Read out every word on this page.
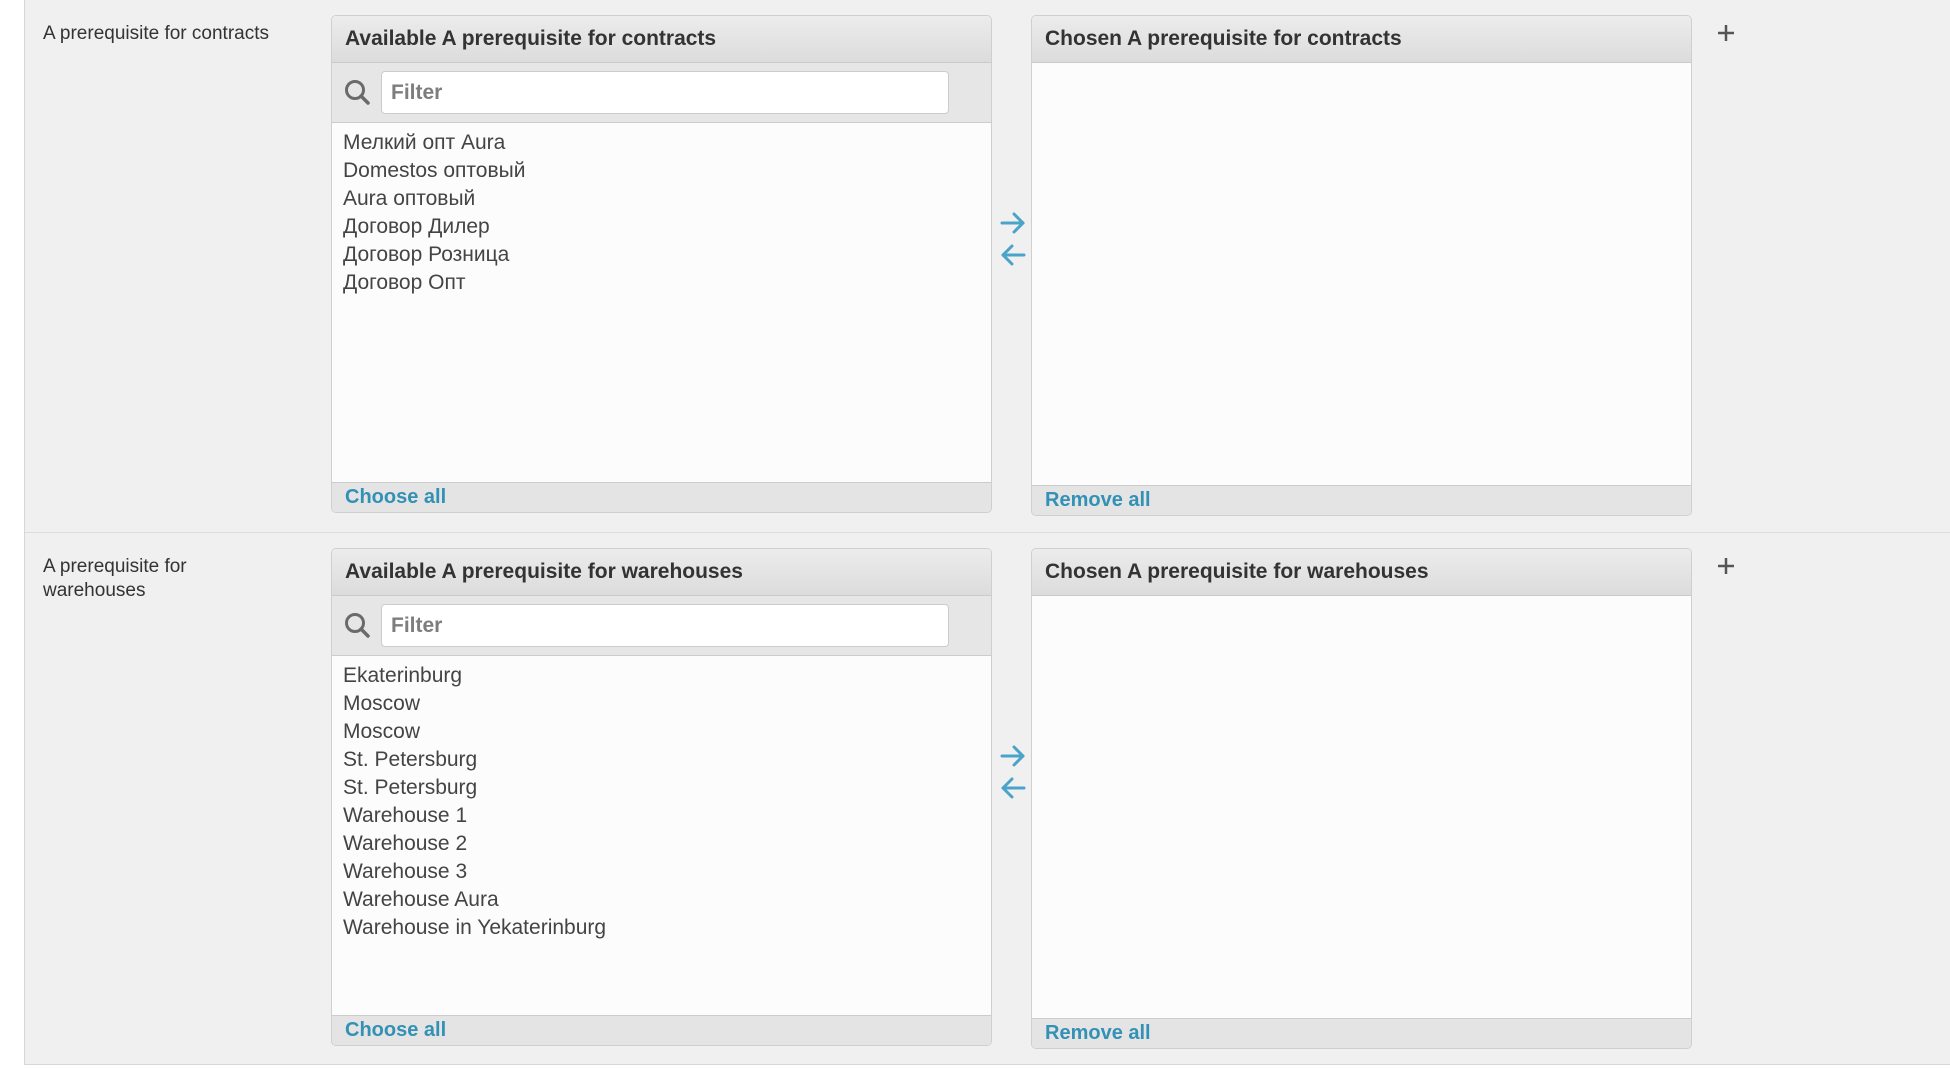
A prerequisite for contracts	Available A prerequisite for contracts
Filter
Мелкий опт Aura
Domestos оптовый
Aura оптовый
Договор Дилер
Договор Розница
Договор Опт
Choose all
Chosen A prerequisite for contracts
Remove all
A prerequisite for warehouses
Available A prerequisite for warehouses
Filter
Ekaterinburg
Moscow
Moscow
St. Petersburg
St. Petersburg
Warehouse 1
Warehouse 2
Warehouse 3
Warehouse Aura
Warehouse in Yekaterinburg
Choose all
Chosen A prerequisite for warehouses
Remove all
